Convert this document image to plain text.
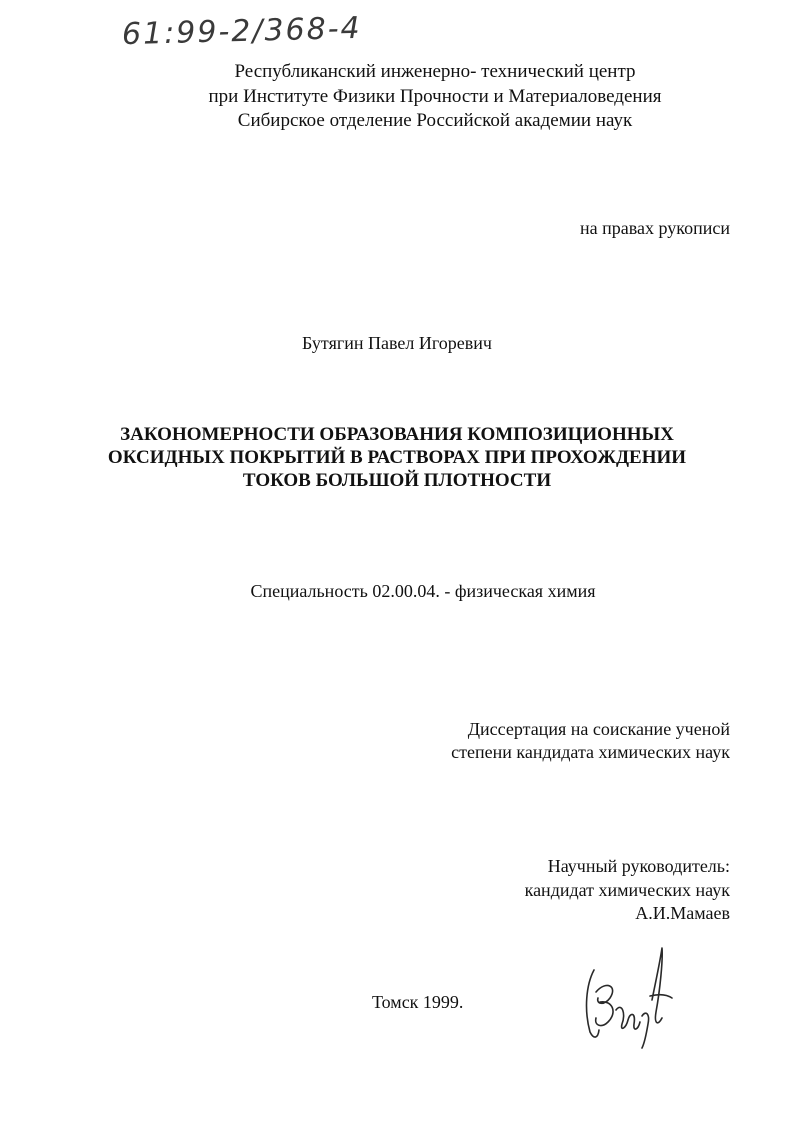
61:99-2/368-4
Республиканский инженерно- технический центр
при Институте Физики Прочности и Материаловедения
Сибирское отделение Российской академии наук
на правах рукописи
Бутягин Павел Игоревич
ЗАКОНОМЕРНОСТИ ОБРАЗОВАНИЯ КОМПОЗИЦИОННЫХ
ОКСИДНЫХ ПОКРЫТИЙ В РАСТВОРАХ ПРИ ПРОХОЖДЕНИИ
ТОКОВ БОЛЬШОЙ ПЛОТНОСТИ
Специальность 02.00.04. - физическая химия
Диссертация на соискание ученой
степени кандидата химических наук
Научный руководитель:
кандидат химических наук
А.И.Мамаев
Томск 1999.
